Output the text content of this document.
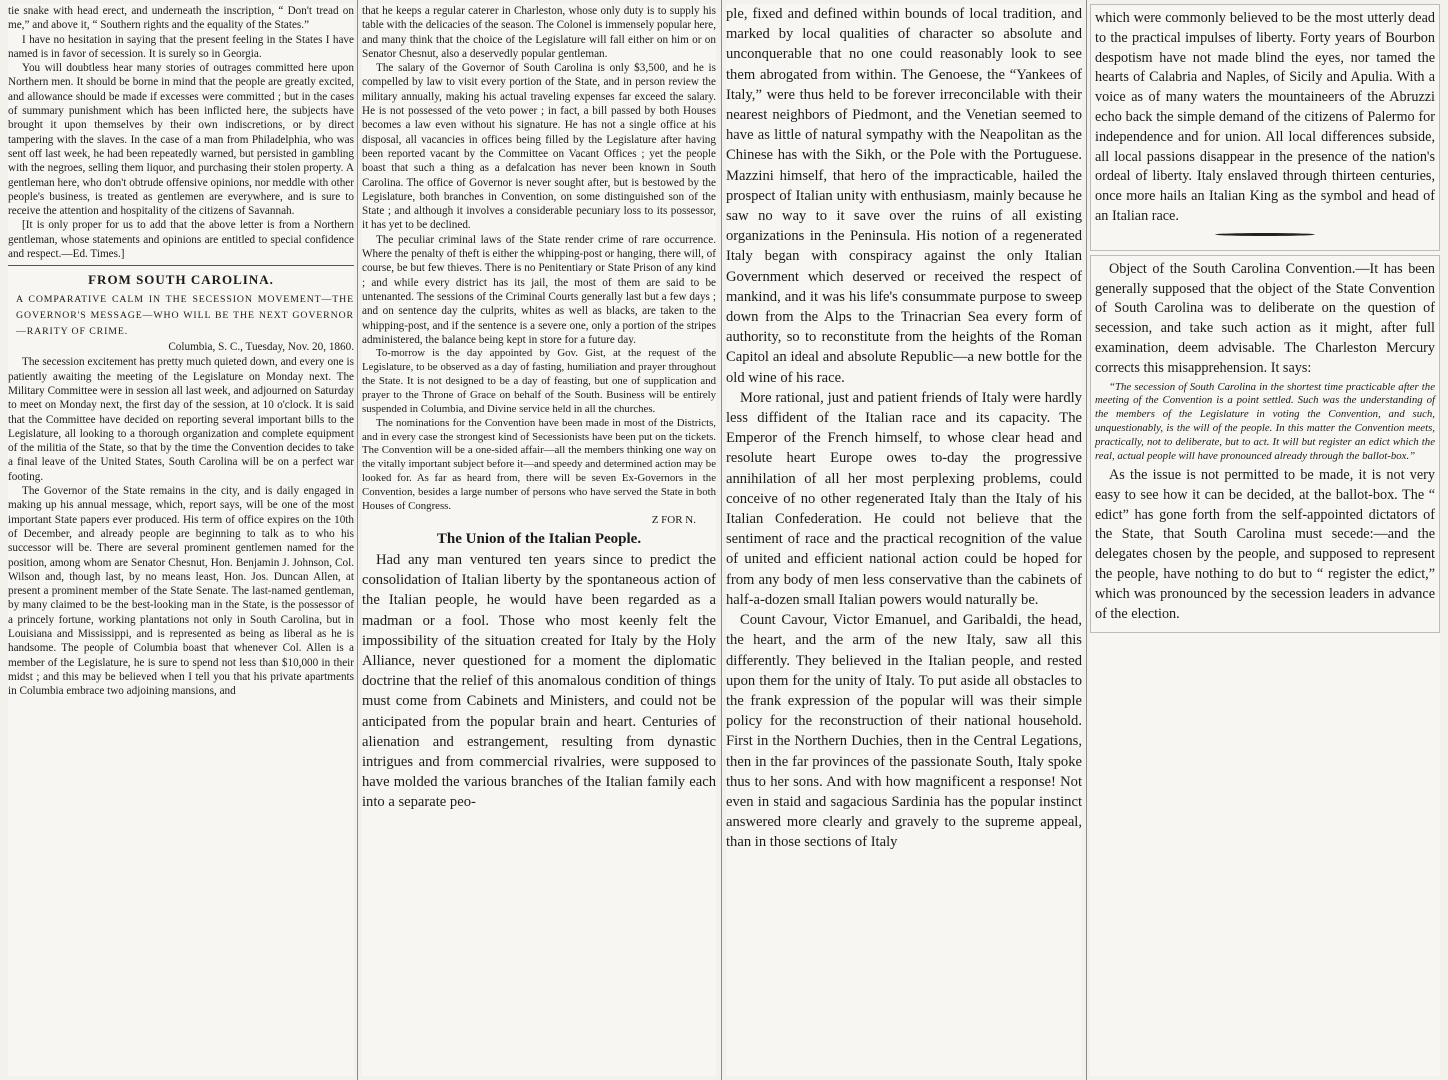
tie snake with head erect, and underneath the inscription, “ Don't tread on me,” and above it, “ Southern rights and the equality of the States.”

I have no hesitation in saying that the present feeling in the States I have named is in favor of secession. It is surely so in Georgia.

You will doubtless hear many stories of outrages committed here upon Northern men. It should be borne in mind that the people are greatly excited, and allowance should be made if excesses were committed ; but in the cases of summary punishment which has been inflicted here, the subjects have brought it upon themselves by their own indiscretions, or by direct tampering with the slaves. In the case of a man from Philadelphia, who was sent off last week, he had been repeatedly warned, but persisted in gambling with the negroes, selling them liquor, and purchasing their stolen property. A gentleman here, who don't obtrude offensive opinions, nor meddle with other people's business, is treated as gentlemen are everywhere, and is sure to receive the attention and hospitality of the citizens of Savannah.

[It is only proper for us to add that the above letter is from a Northern gentleman, whose statements and opinions are entitled to special confidence and respect.—Ed. Times.]

FROM SOUTH CAROLINA.

A COMPARATIVE CALM IN THE SECESSION MOVEMENT—THE GOVERNOR'S MESSAGE—WHO WILL BE THE NEXT GOVERNOR—RARITY OF CRIME.

Columbia, S. C., Tuesday, Nov. 20, 1860.

The secession excitement has pretty much quieted down, and every one is patiently awaiting the meeting of the Legislature on Monday next. The Military Committee were in session all last week, and adjourned on Saturday to meet on Monday next, the first day of the session, at 10 o'clock. It is said that the Committee have decided on reporting several important bills to the Legislature, all looking to a thorough organization and complete equipment of the militia of the State, so that by the time the Convention decides to take a final leave of the United States, South Carolina will be on a perfect war footing.

The Governor of the State remains in the city, and is daily engaged in making up his annual message, which, report says, will be one of the most important State papers ever produced. His term of office expires on the 10th of December, and already people are beginning to talk as to who his successor will be. There are several prominent gentlemen named for the position, among whom are Senator Chesnut, Hon. Benjamin J. Johnson, Col. Wilson and, though last, by no means least, Hon. Jos. Duncan Allen, at present a prominent member of the State Senate. The last-named gentleman, by many claimed to be the best-looking man in the State, is the possessor of a princely fortune, working plantations not only in South Carolina, but in Louisiana and Mississippi, and is represented as being as liberal as he is handsome. The people of Columbia boast that whenever Col. Allen is a member of the Legislature, he is sure to spend not less than $10,000 in their midst ; and this may be believed when I tell you that his private apartments in Columbia embrace two adjoining mansions, and

that he keeps a regular caterer in Charleston, whose only duty is to supply his table with the delicacies of the season. The Colonel is immensely popular here, and many think that the choice of the Legislature will fall either on him or on Senator Chesnut, also a deservedly popular gentleman.

The salary of the Governor of South Carolina is only $3,500, and he is compelled by law to visit every portion of the State, and in person review the military annually, making his actual traveling expenses far exceed the salary. He is not possessed of the veto power ; in fact, a bill passed by both Houses becomes a law even without his signature. He has not a single office at his disposal, all vacancies in offices being filled by the Legislature after having been reported vacant by the Committee on Vacant Offices ; yet the people boast that such a thing as a defalcation has never been known in South Carolina. The office of Governor is never sought after, but is bestowed by the Legislature, both branches in Convention, on some distinguished son of the State ; and although it involves a considerable pecuniary loss to its possessor, it has yet to be declined.

The peculiar criminal laws of the State render crime of rare occurrence. Where the penalty of theft is either the whipping-post or hanging, there will, of course, be but few thieves. There is no Penitentiary or State Prison of any kind ; and while every district has its jail, the most of them are said to be untenanted. The sessions of the Criminal Courts generally last but a few days ; and on sentence day the culprits, whites as well as blacks, are taken to the whipping-post, and if the sentence is a severe one, only a portion of the stripes administered, the balance being kept in store for a future day.

To-morrow is the day appointed by Gov. Gist, at the request of the Legislature, to be observed as a day of fasting, humiliation and prayer throughout the State. It is not designed to be a day of feasting, but one of supplication and prayer to the Throne of Grace on behalf of the South. Business will be entirely suspended in Columbia, and Divine service held in all the churches.

The nominations for the Convention have been made in most of the Districts, and in every case the strongest kind of Secessionists have been put on the tickets. The Convention will be a one-sided affair—all the members thinking one way on the vitally important subject before it—and speedy and determined action may be looked for. As far as heard from, there will be seven Ex-Governors in the Convention, besides a large number of persons who have served the State in both Houses of Congress.

Z FOR N.

The Union of the Italian People.

Had any man ventured ten years since to predict the consolidation of Italian liberty by the spontaneous action of the Italian people, he would have been regarded as a madman or a fool. Those who most keenly felt the impossibility of the situation created for Italy by the Holy Alliance, never questioned for a moment the diplomatic doctrine that the relief of this anomalous condition of things must come from Cabinets and Ministers, and could not be anticipated from the popular brain and heart. Centuries of alienation and estrangement, resulting from dynastic intrigues and from commercial rivalries, were supposed to have molded the various branches of the Italian family each into a separate peo-

ple, fixed and defined within bounds of local tradition, and marked by local qualities of character so absolute and unconquerable that no one could reasonably look to see them abrogated from within. The Genoese, the “Yankees of Italy,” were thus held to be forever irreconcilable with their nearest neighbors of Piedmont, and the Venetian seemed to have as little of natural sympathy with the Neapolitan as the Chinese has with the Sikh, or the Pole with the Portuguese. Mazzini himself, that hero of the impracticable, hailed the prospect of Italian unity with enthusiasm, mainly because he saw no way to it save over the ruins of all existing organizations in the Peninsula. His notion of a regenerated Italy began with conspiracy against the only Italian Government which deserved or received the respect of mankind, and it was his life's consummate purpose to sweep down from the Alps to the Trinacrian Sea every form of authority, so to reconstitute from the heights of the Roman Capitol an ideal and absolute Republic—a new bottle for the old wine of his race.

More rational, just and patient friends of Italy were hardly less diffident of the Italian race and its capacity. The Emperor of the French himself, to whose clear head and resolute heart Europe owes to-day the progressive annihilation of all her most perplexing problems, could conceive of no other regenerated Italy than the Italy of his Italian Confederation. He could not believe that the sentiment of race and the practical recognition of the value of united and efficient national action could be hoped for from any body of men less conservative than the cabinets of half-a-dozen small Italian powers would naturally be.

Count Cavour, Victor Emanuel, and Garibaldi, the head, the heart, and the arm of the new Italy, saw all this differently. They believed in the Italian people, and rested upon them for the unity of Italy. To put aside all obstacles to the frank expression of the popular will was their simple policy for the reconstruction of their national household. First in the Northern Duchies, then in the Central Legations, then in the far provinces of the passionate South, Italy spoke thus to her sons. And with how magnificent a response! Not even in staid and sagacious Sardinia has the popular instinct answered more clearly and gravely to the supreme appeal, than in those sections of Italy

which were commonly believed to be the most utterly dead to the practical impulses of liberty. Forty years of Bourbon despotism have not made blind the eyes, nor tamed the hearts of Calabria and Naples, of Sicily and Apulia. With a voice as of many waters the mountaineers of the Abruzzi echo back the simple demand of the citizens of Palermo for independence and for union. All local differences subside, all local passions disappear in the presence of the nation's ordeal of liberty. Italy enslaved through thirteen centuries, once more hails an Italian King as the symbol and head of an Italian race.

Object of the South Carolina Convention.—It has been generally supposed that the object of the State Convention of South Carolina was to deliberate on the question of secession, and take such action as it might, after full examination, deem advisable. The Charleston Mercury corrects this misapprehension. It says:

“The secession of South Carolina in the shortest time practicable after the meeting of the Convention is a point settled. Such was the understanding of the members of the Legislature in voting the Convention, and such, unquestionably, is the will of the people. In this matter the Convention meets, practically, not to deliberate, but to act. It will but register an edict which the real, actual people will have pronounced already through the ballot-box.”

As the issue is not permitted to be made, it is not very easy to see how it can be decided, at the ballot-box. The “ edict” has gone forth from the self-appointed dictators of the State, that South Carolina must secede:—and the delegates chosen by the people, and supposed to represent the people, have nothing to do but to “ register the edict,” which was pronounced by the secession leaders in advance of the election.
